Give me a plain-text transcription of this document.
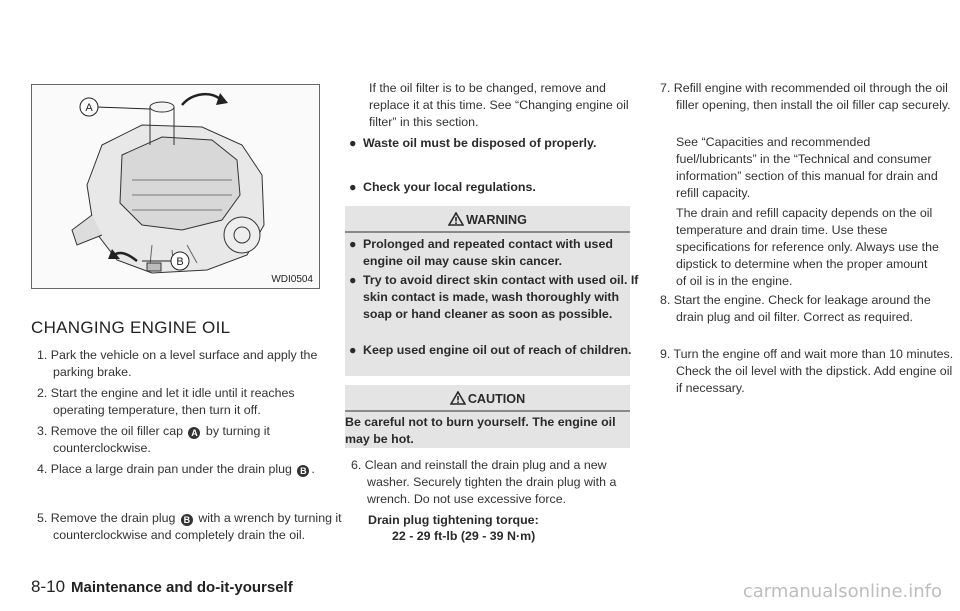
A
B
WDI0504
CHANGING ENGINE OIL
1. Park the vehicle on a level surface and apply the parking brake.
2. Start the engine and let it idle until it reaches operating temperature, then turn it off.
3. Remove the oil filler cap A by turning it counterclockwise.
4. Place a large drain pan under the drain plug B .
5. Remove the drain plug B with a wrench by turning it counterclockwise and completely drain the oil.

If the oil filter is to be changed, remove and replace it at this time. See “Changing engine oil filter” in this section.

● Waste oil must be disposed of properly.
● Check your local regulations.
WARNING
● Prolonged and repeated contact with used engine oil may cause skin cancer.
● Try to avoid direct skin contact with used oil. If skin contact is made, wash thoroughly with soap or hand cleaner as soon as possible.
● Keep used engine oil out of reach of children.
CAUTION

Be careful not to burn yourself. The engine oil may be hot.

6. Clean and reinstall the drain plug and a new washer. Securely tighten the drain plug with a wrench. Do not use excessive force.
Drain plug tightening torque:
22 - 29 ft-lb (29 - 39 N·m)
7. Refill engine with recommended oil through the oil filler opening, then install the oil filler cap securely.

See “Capacities and recommended fuel/lubricants” in the “Technical and consumer information” section of this manual for drain and refill capacity.

The drain and refill capacity depends on the oil temperature and drain time. Use these specifications for reference only. Always use the dipstick to determine when the proper amount of oil is in the engine.

8. Start the engine. Check for leakage around the drain plug and oil filter. Correct as required.
9. Turn the engine off and wait more than 10 minutes. Check the oil level with the dipstick. Add engine oil if necessary.
8-10 Maintenance and do-it-yourself	carmanualsonline.info
